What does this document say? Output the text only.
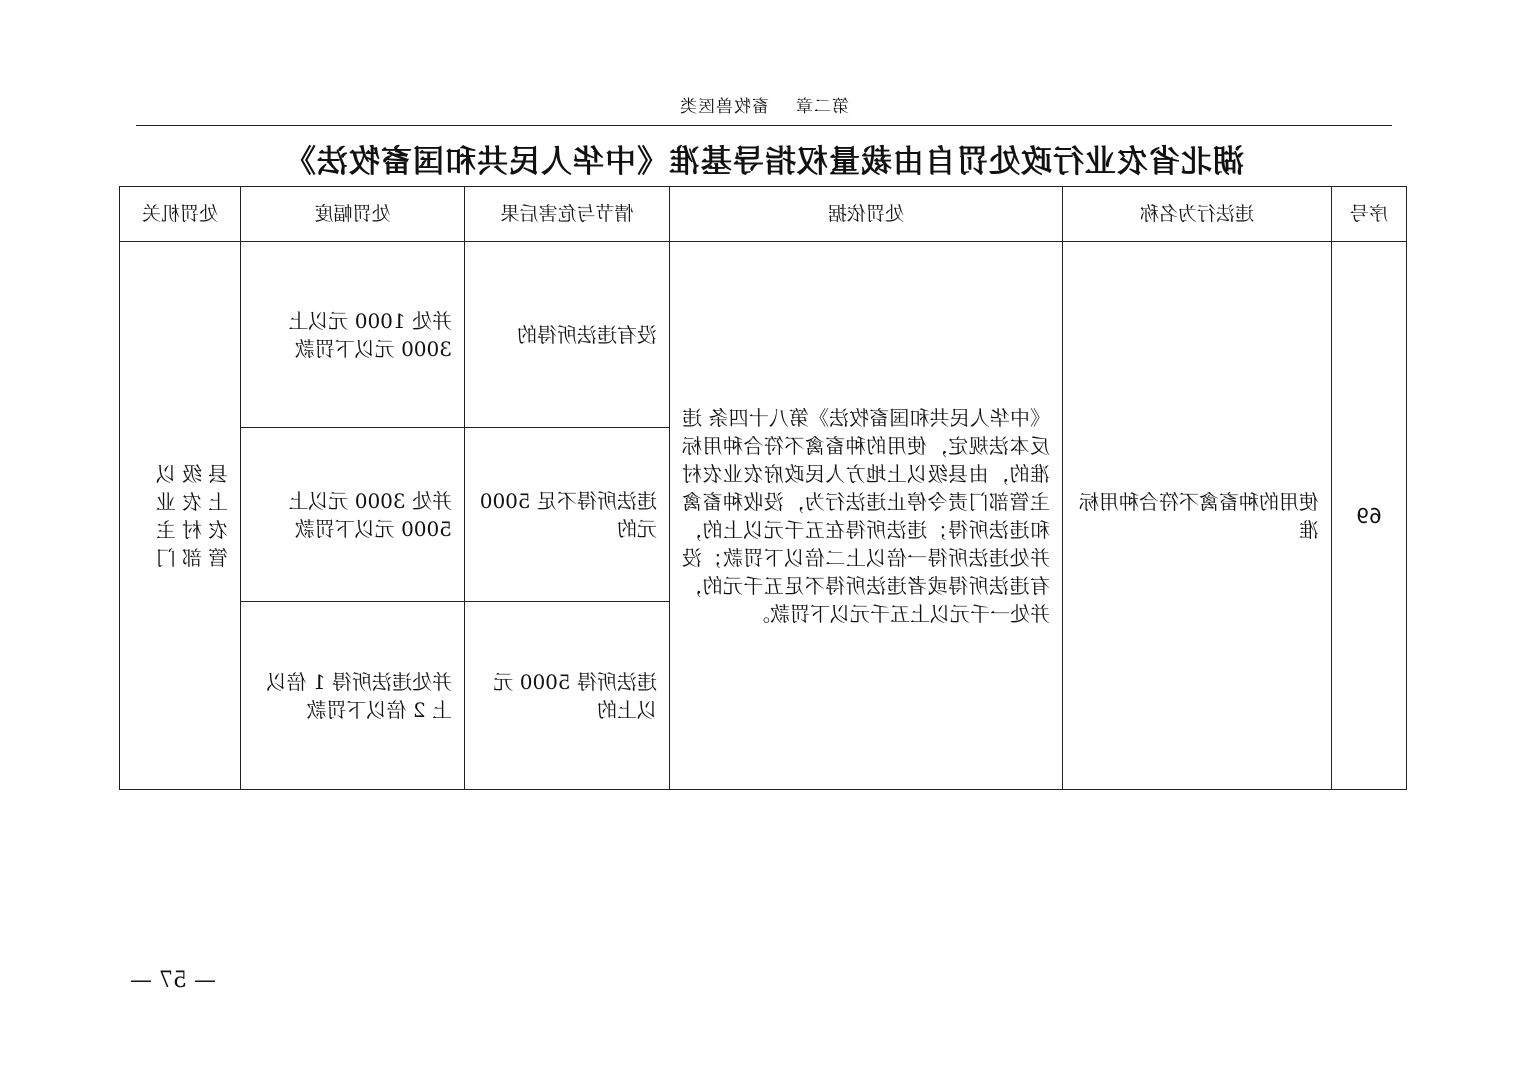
第二章畜牧兽医类
湖北省农业行政处罚自由裁量权指导基准《中华人民共和国畜牧法》
序号	违法行为名称	处罚依据	情节与危害后果	处罚幅度	处罚机关
69	使用的种畜禽不符合种用标准	《中华人民共和国畜牧法》第八十四条 违反本法规定，使用的种畜禽不符合种用标准的，由县级以上地方人民政府农业农村主管部门责令停止违法行为，没收种畜禽和违法所得；违法所得在五千元以上的，并处违法所得一倍以上二倍以下罚款；没有违法所得或者违法所得不足五千元的，并处一千元以上五千元以下罚款。	没有违法所得的	并处 1000 元以上 3000 元以下罚款	县级以上农业农村主管部门
			违法所得不足 5000 元的	并处 3000 元以上 5000 元以下罚款	
			违法所得 5000 元以上的	并处违法所得 1 倍以上 2 倍以下罚款	
— 57 —
